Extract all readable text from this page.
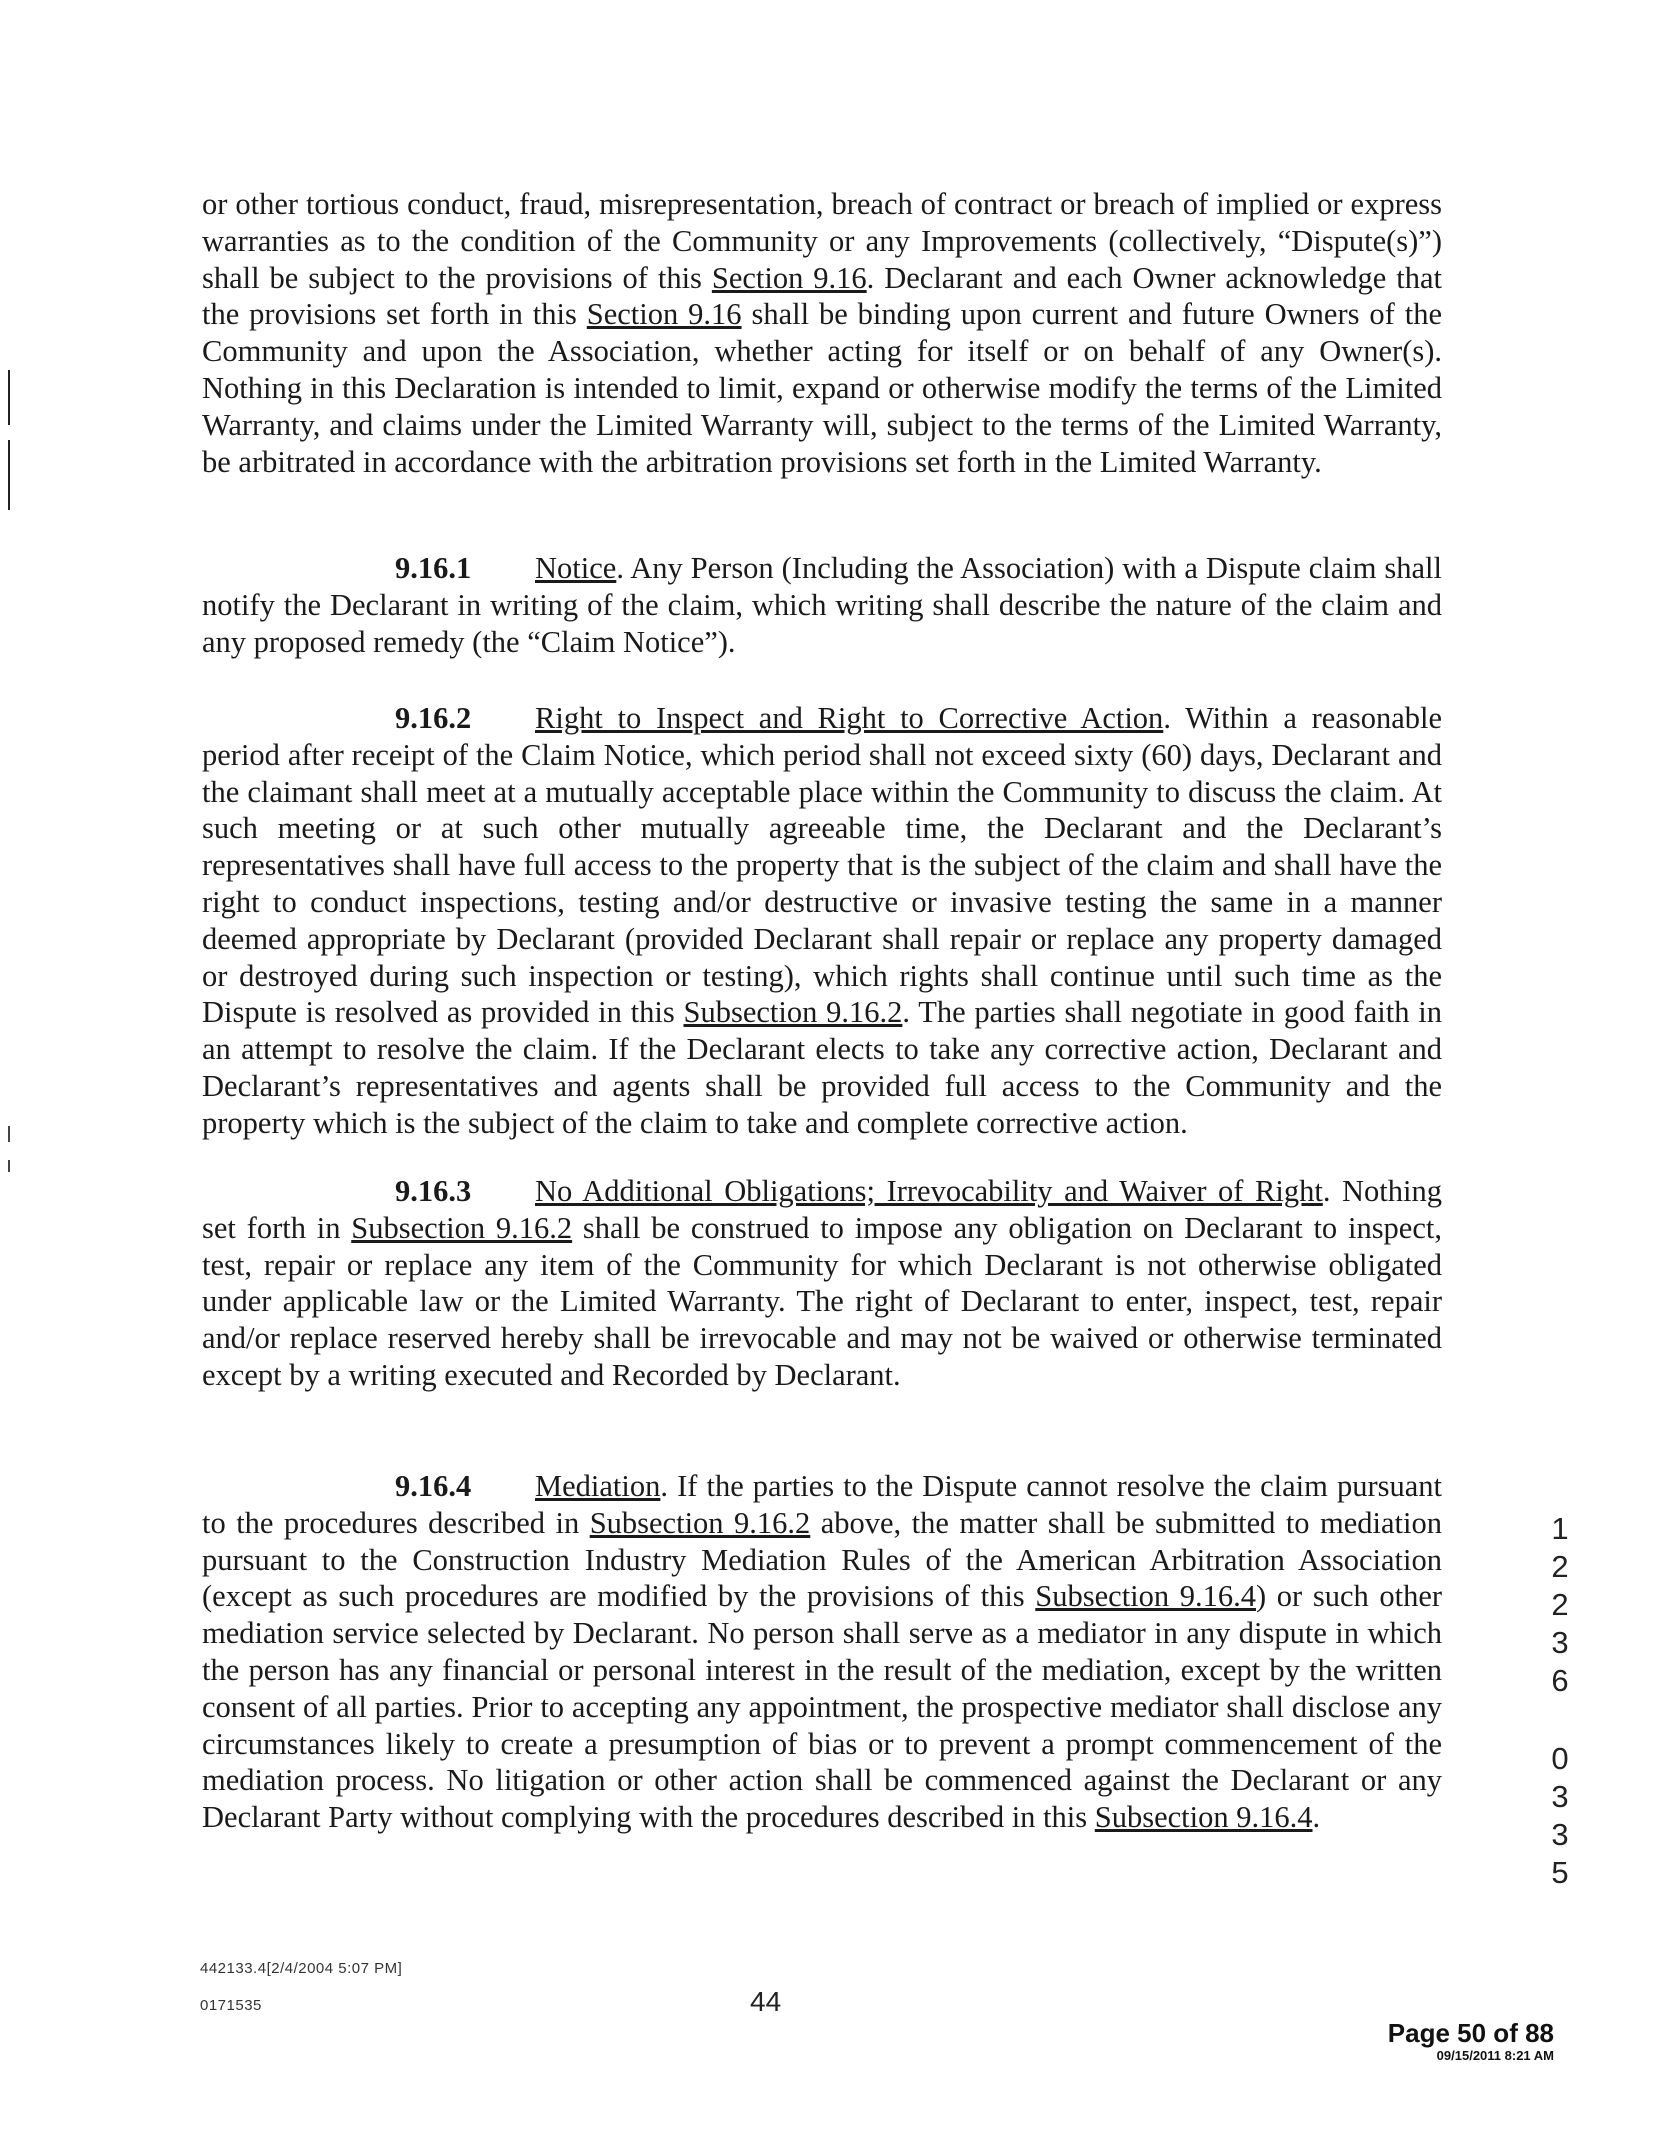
or other tortious conduct, fraud, misrepresentation, breach of contract or breach of implied or express warranties as to the condition of the Community or any Improvements (collectively, “Dispute(s)”) shall be subject to the provisions of this Section 9.16. Declarant and each Owner acknowledge that the provisions set forth in this Section 9.16 shall be binding upon current and future Owners of the Community and upon the Association, whether acting for itself or on behalf of any Owner(s). Nothing in this Declaration is intended to limit, expand or otherwise modify the terms of the Limited Warranty, and claims under the Limited Warranty will, subject to the terms of the Limited Warranty, be arbitrated in accordance with the arbitration provisions set forth in the Limited Warranty.

9.16.1 Notice. Any Person (Including the Association) with a Dispute claim shall notify the Declarant in writing of the claim, which writing shall describe the nature of the claim and any proposed remedy (the “Claim Notice”).

9.16.2 Right to Inspect and Right to Corrective Action. Within a reasonable period after receipt of the Claim Notice, which period shall not exceed sixty (60) days, Declarant and the claimant shall meet at a mutually acceptable place within the Community to discuss the claim. At such meeting or at such other mutually agreeable time, the Declarant and the Declarant’s representatives shall have full access to the property that is the subject of the claim and shall have the right to conduct inspections, testing and/or destructive or invasive testing the same in a manner deemed appropriate by Declarant (provided Declarant shall repair or replace any property damaged or destroyed during such inspection or testing), which rights shall continue until such time as the Dispute is resolved as provided in this Subsection 9.16.2. The parties shall negotiate in good faith in an attempt to resolve the claim. If the Declarant elects to take any corrective action, Declarant and Declarant’s representatives and agents shall be provided full access to the Community and the property which is the subject of the claim to take and complete corrective action.

9.16.3 No Additional Obligations; Irrevocability and Waiver of Right. Nothing set forth in Subsection 9.16.2 shall be construed to impose any obligation on Declarant to inspect, test, repair or replace any item of the Community for which Declarant is not otherwise obligated under applicable law or the Limited Warranty. The right of Declarant to enter, inspect, test, repair and/or replace reserved hereby shall be irrevocable and may not be waived or otherwise terminated except by a writing executed and Recorded by Declarant.

9.16.4 Mediation. If the parties to the Dispute cannot resolve the claim pursuant to the procedures described in Subsection 9.16.2 above, the matter shall be submitted to mediation pursuant to the Construction Industry Mediation Rules of the American Arbitration Association (except as such procedures are modified by the provisions of this Subsection 9.16.4) or such other mediation service selected by Declarant. No person shall serve as a mediator in any dispute in which the person has any financial or personal interest in the result of the mediation, except by the written consent of all parties. Prior to accepting any appointment, the prospective mediator shall disclose any circumstances likely to create a presumption of bias or to prevent a prompt commencement of the mediation process. No litigation or other action shall be commenced against the Declarant or any Declarant Party without complying with the procedures described in this Subsection 9.16.4.

1
2
2
3
6
0
3
3
5
442133.4[2/4/2004 5:07 PM]
0171535	44
Page 50 of 88
09/15/2011 8:21 AM
